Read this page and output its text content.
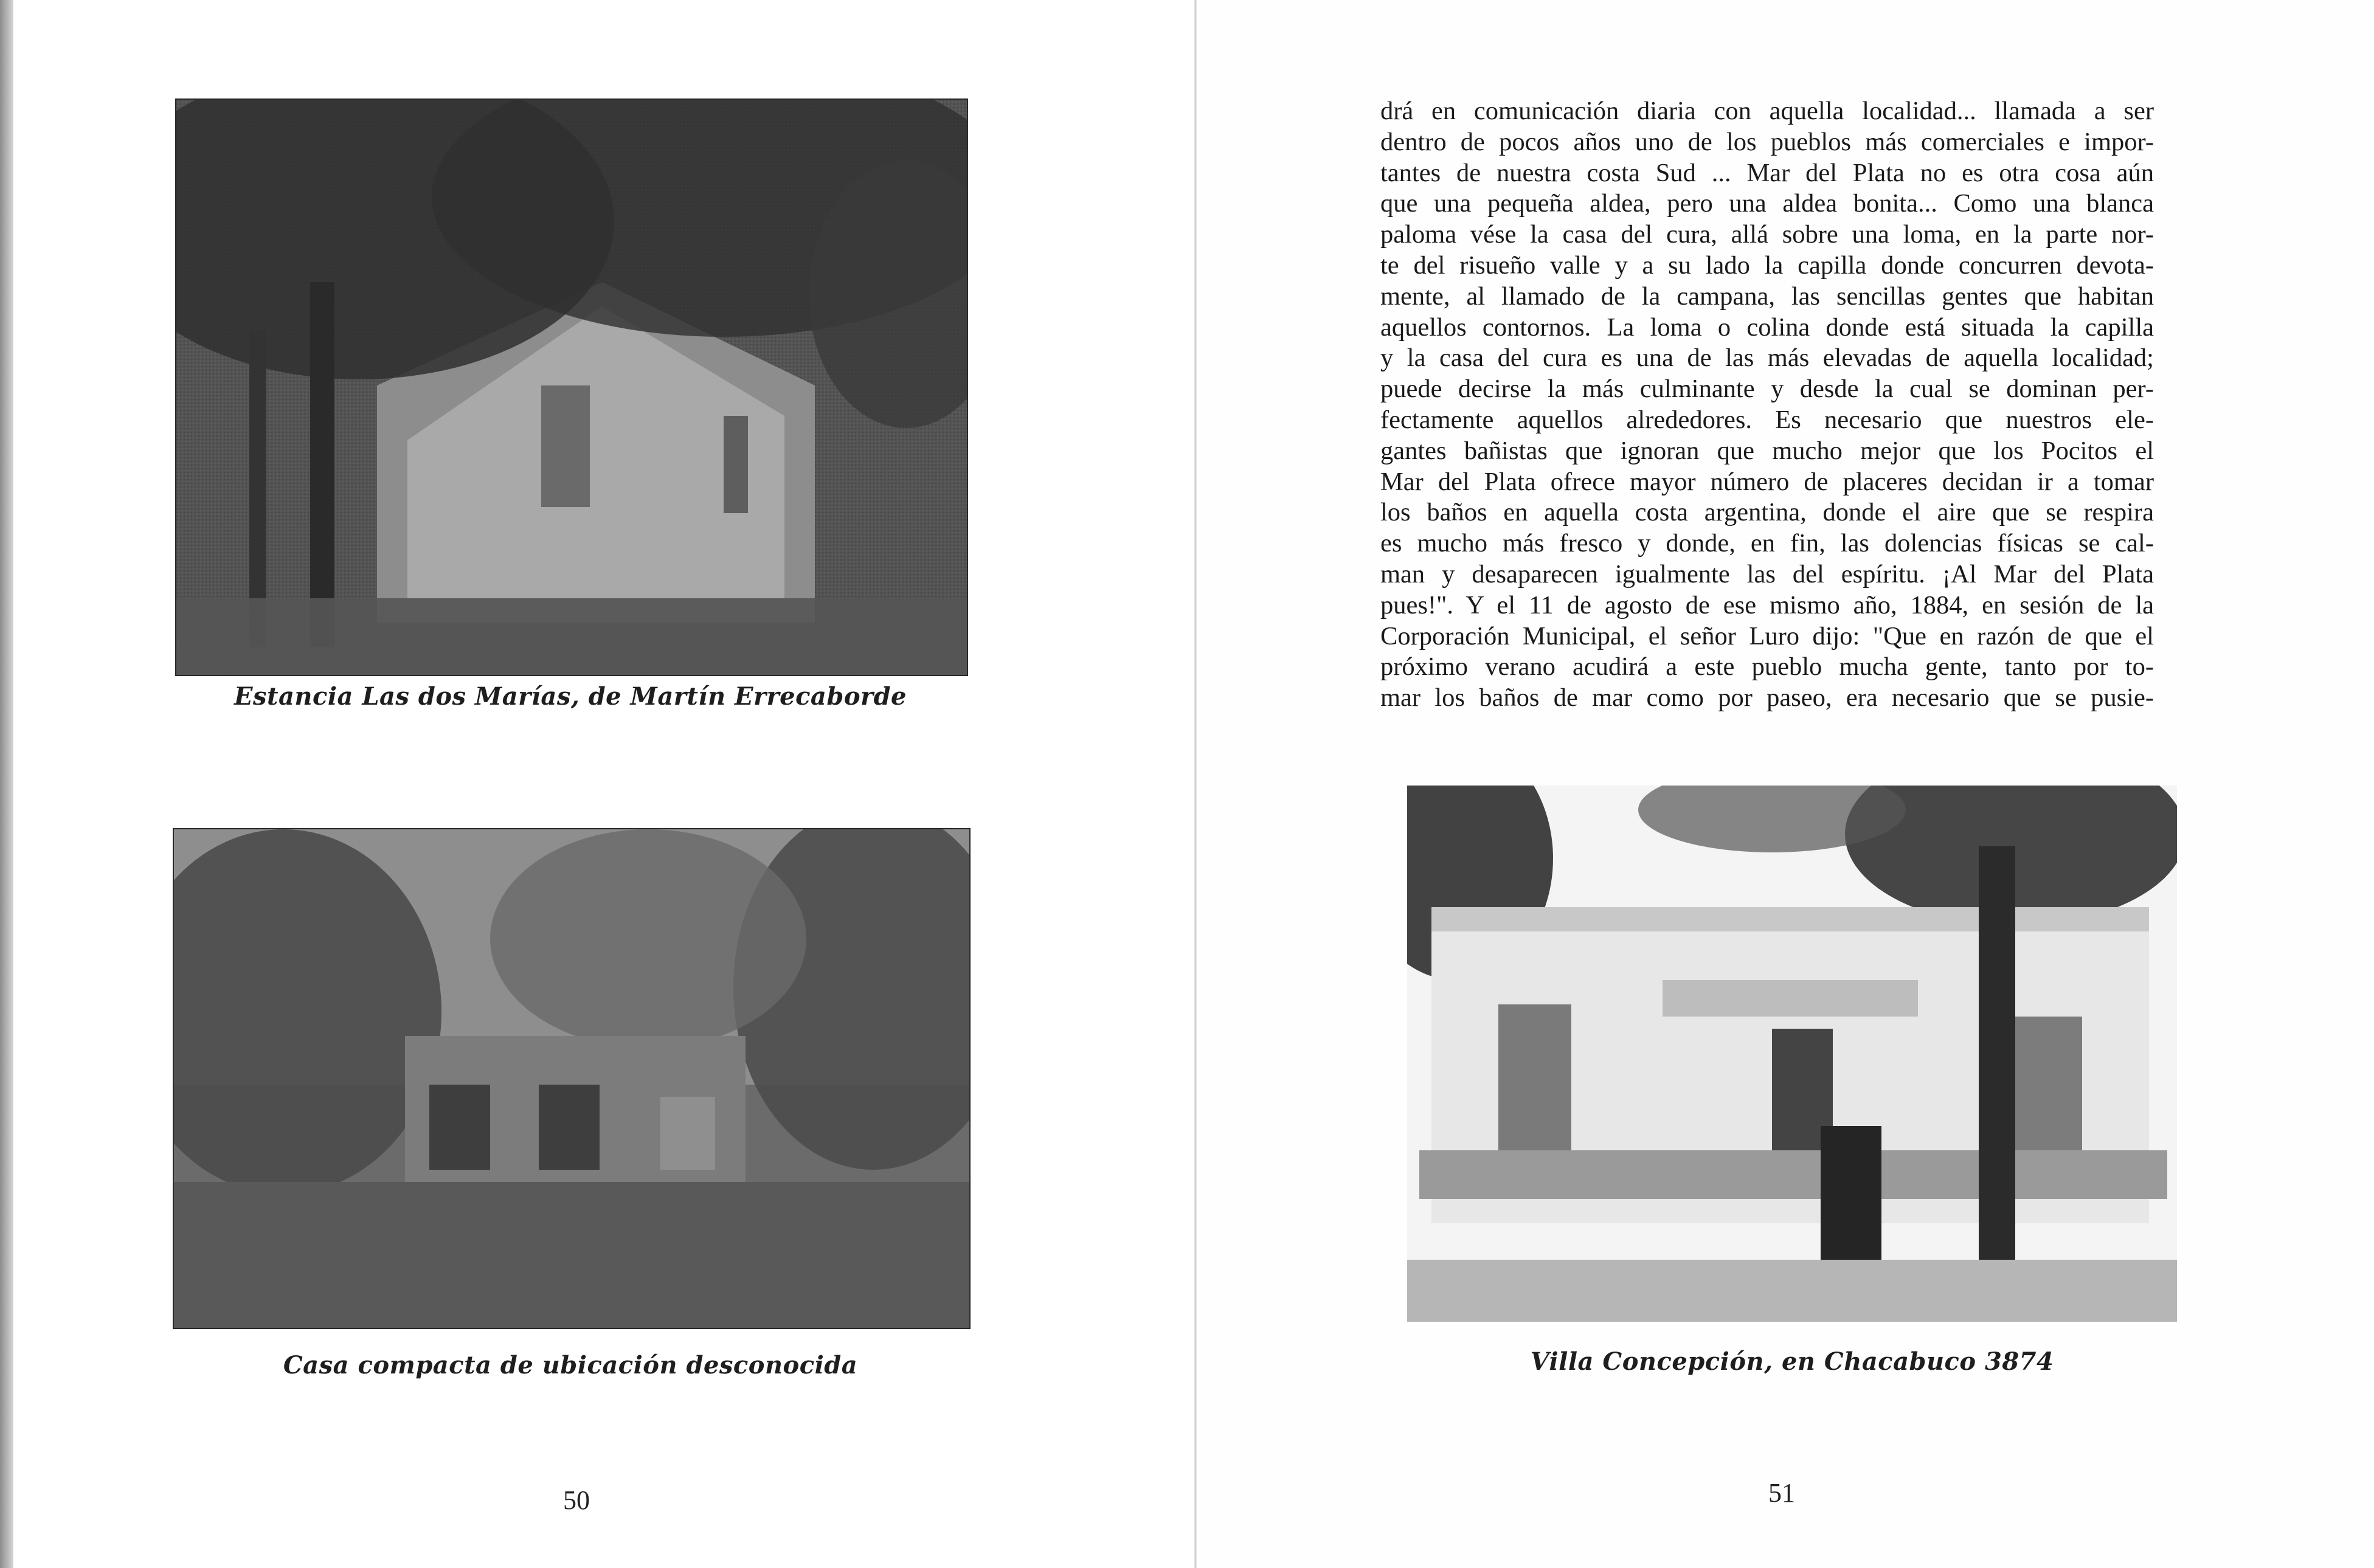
Estancia Las dos Marías, de Martín Errecaborde
Casa compacta de ubicación desconocida
50
drá en comunicación diaria con aquella localidad... llamada a ser
dentro de pocos años uno de los pueblos más comerciales e impor-
tantes de nuestra costa Sud ... Mar del Plata no es otra cosa aún
que una pequeña aldea, pero una aldea bonita... Como una blanca
paloma vése la casa del cura, allá sobre una loma, en la parte nor-
te del risueño valle y a su lado la capilla donde concurren devota-
mente, al llamado de la campana, las sencillas gentes que habitan
aquellos contornos. La loma o colina donde está situada la capilla
y la casa del cura es una de las más elevadas de aquella localidad;
puede decirse la más culminante y desde la cual se dominan per-
fectamente aquellos alrededores. Es necesario que nuestros ele-
gantes bañistas que ignoran que mucho mejor que los Pocitos el
Mar del Plata ofrece mayor número de placeres decidan ir a tomar
los baños en aquella costa argentina, donde el aire que se respira
es mucho más fresco y donde, en fin, las dolencias físicas se cal-
man y desaparecen igualmente las del espíritu. ¡Al Mar del Plata
pues!". Y el 11 de agosto de ese mismo año, 1884, en sesión de la
Corporación Municipal, el señor Luro dijo: "Que en razón de que el
próximo verano acudirá a este pueblo mucha gente, tanto por to-
mar los baños de mar como por paseo, era necesario que se pusie-
Villa Concepción, en Chacabuco 3874
51
